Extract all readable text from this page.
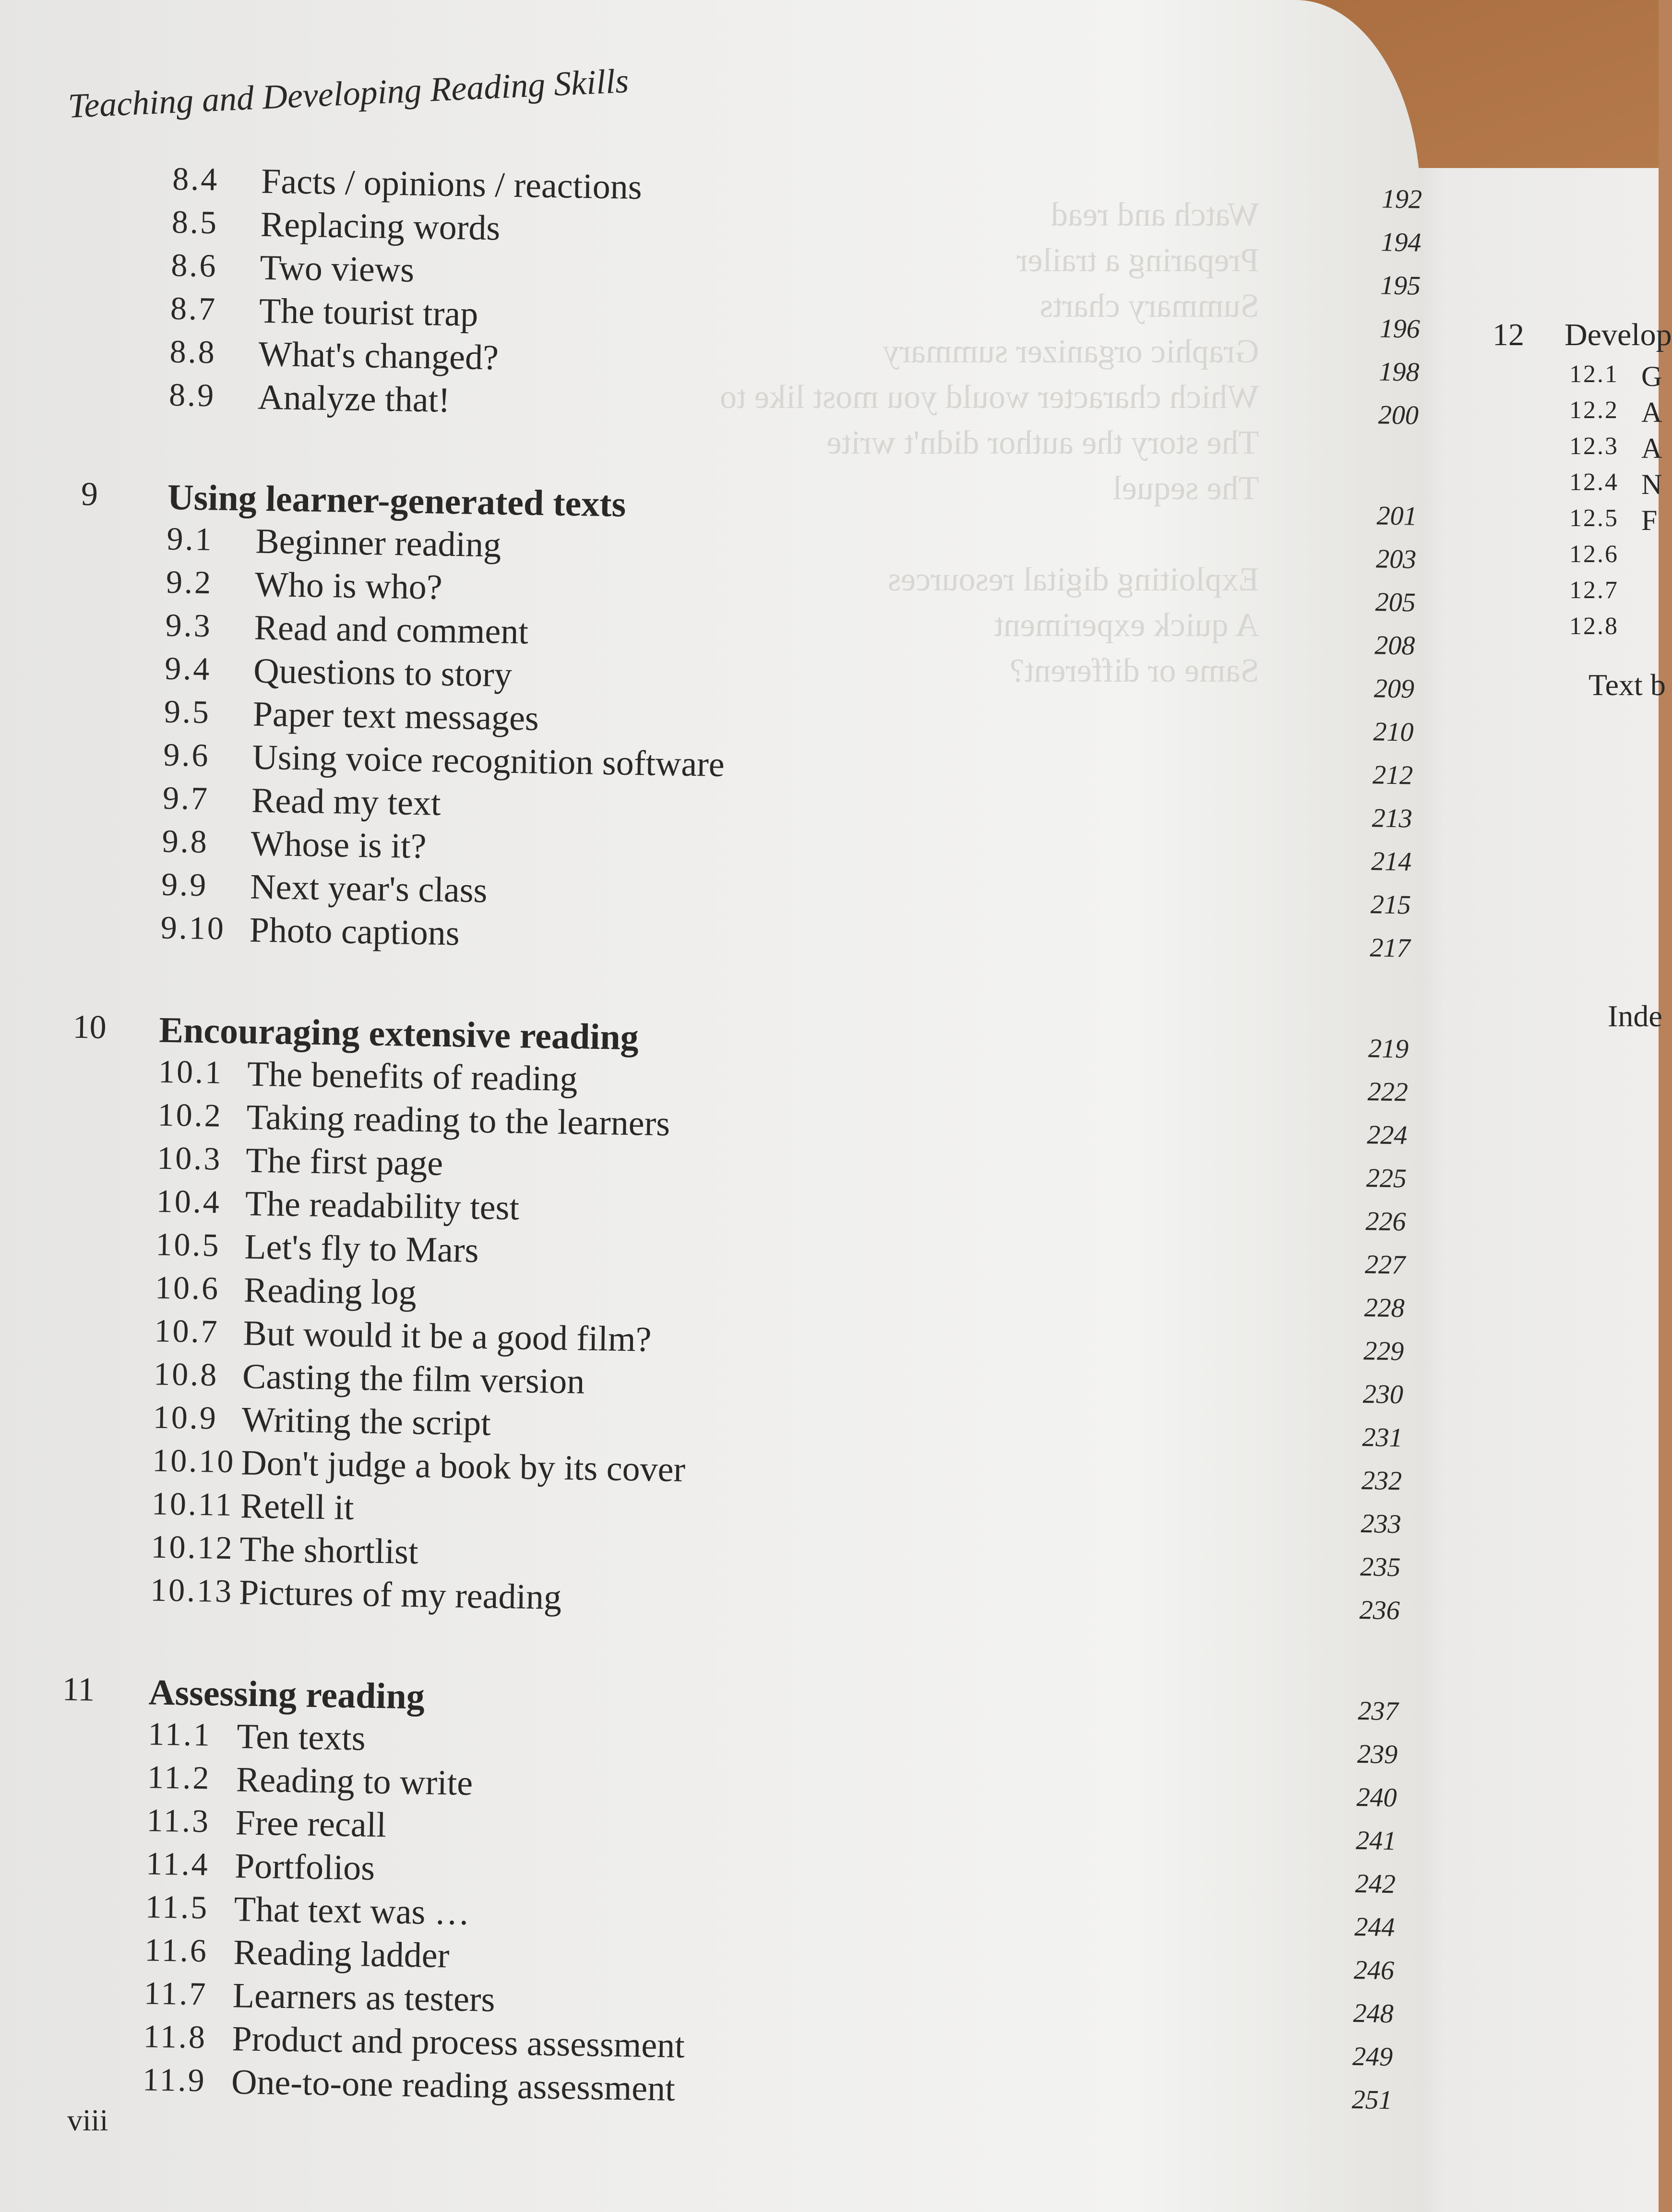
Watch and read
Preparing a trailer
Summary charts
Graphic organizer summary
Which character would you most like to
The story the author didn't write
The sequel

Exploiting digital resources
A quick experiment
Same or different?
Teaching and Developing Reading Skills
8.4 Facts / opinions / reactions	192
8.5 Replacing words	194
8.6 Two views	195
8.7 The tourist trap	196
8.8 What's changed?	198
8.9 Analyze that!	200
9	Using learner-generated texts	201
9.1 Beginner reading	203
9.2 Who is who?	205
9.3 Read and comment	208
9.4 Questions to story	209
9.5 Paper text messages	210
9.6 Using voice recognition software	212
9.7 Read my text	213
9.8 Whose is it?	214
9.9 Next year's class	215
9.10 Photo captions	217
10	Encouraging extensive reading	219
10.1 The benefits of reading	222
10.2 Taking reading to the learners	224
10.3 The first page	225
10.4 The readability test	226
10.5 Let's fly to Mars	227
10.6 Reading log	228
10.7 But would it be a good film?	229
10.8 Casting the film version	230
10.9 Writing the script	231
10.10 Don't judge a book by its cover	232
10.11 Retell it	233
10.12 The shortlist	235
10.13 Pictures of my reading	236
11	Assessing reading	237
11.1 Ten texts	239
11.2 Reading to write	240
11.3 Free recall	241
11.4 Portfolios	242
11.5 That text was …	244
11.6 Reading ladder	246
11.7 Learners as testers	248
11.8 Product and process assessment	249
11.9 One-to-one reading assessment	251
12 Develop
12.1 G
12.2 A
12.3 A
12.4 N
12.5 F
12.6
12.7
12.8
Text b
Inde
viii
